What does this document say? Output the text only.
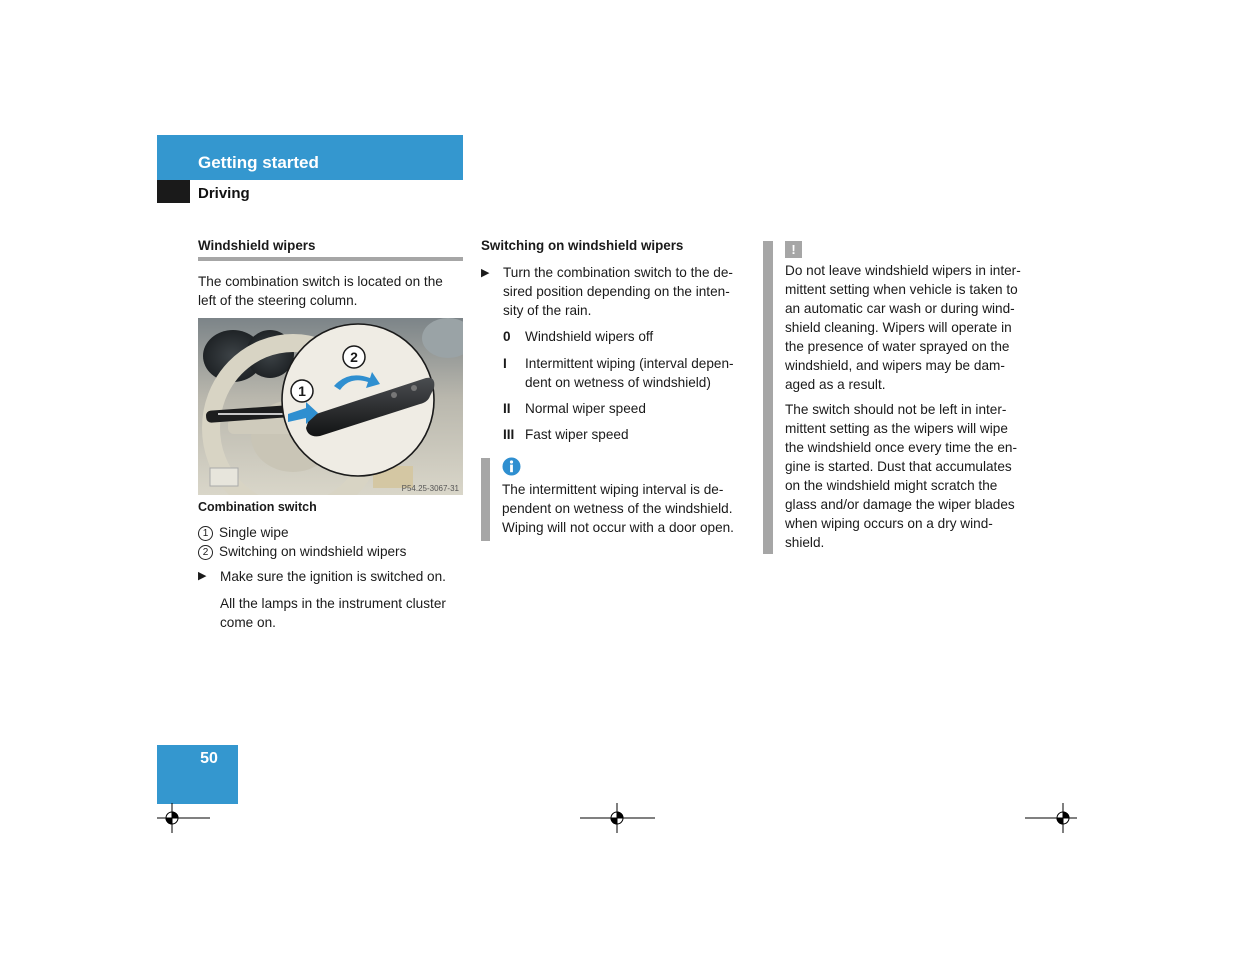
Getting started
Driving
Windshield wipers
The combination switch is located on the
left of the steering column.
1
2
P54.25-3067-31
Combination switch
1 Single wipe
2 Switching on windshield wipers
▶ Make sure the ignition is switched on.
All the lamps in the instrument cluster
come on.
Switching on windshield wipers
▶ Turn the combination switch to the de-
sired position depending on the inten-
sity of the rain.
0 Windshield wipers off
I Intermittent wiping (interval depen-
dent on wetness of windshield)
II Normal wiper speed
III Fast wiper speed
The intermittent wiping interval is de-
pendent on wetness of the windshield.
Wiping will not occur with a door open.
!
Do not leave windshield wipers in inter-
mittent setting when vehicle is taken to
an automatic car wash or during wind-
shield cleaning. Wipers will operate in
the presence of water sprayed on the
windshield, and wipers may be dam-
aged as a result.
The switch should not be left in inter-
mittent setting as the wipers will wipe
the windshield once every time the en-
gine is started. Dust that accumulates
on the windshield might scratch the
glass and/or damage the wiper blades
when wiping occurs on a dry wind-
shield.
50
